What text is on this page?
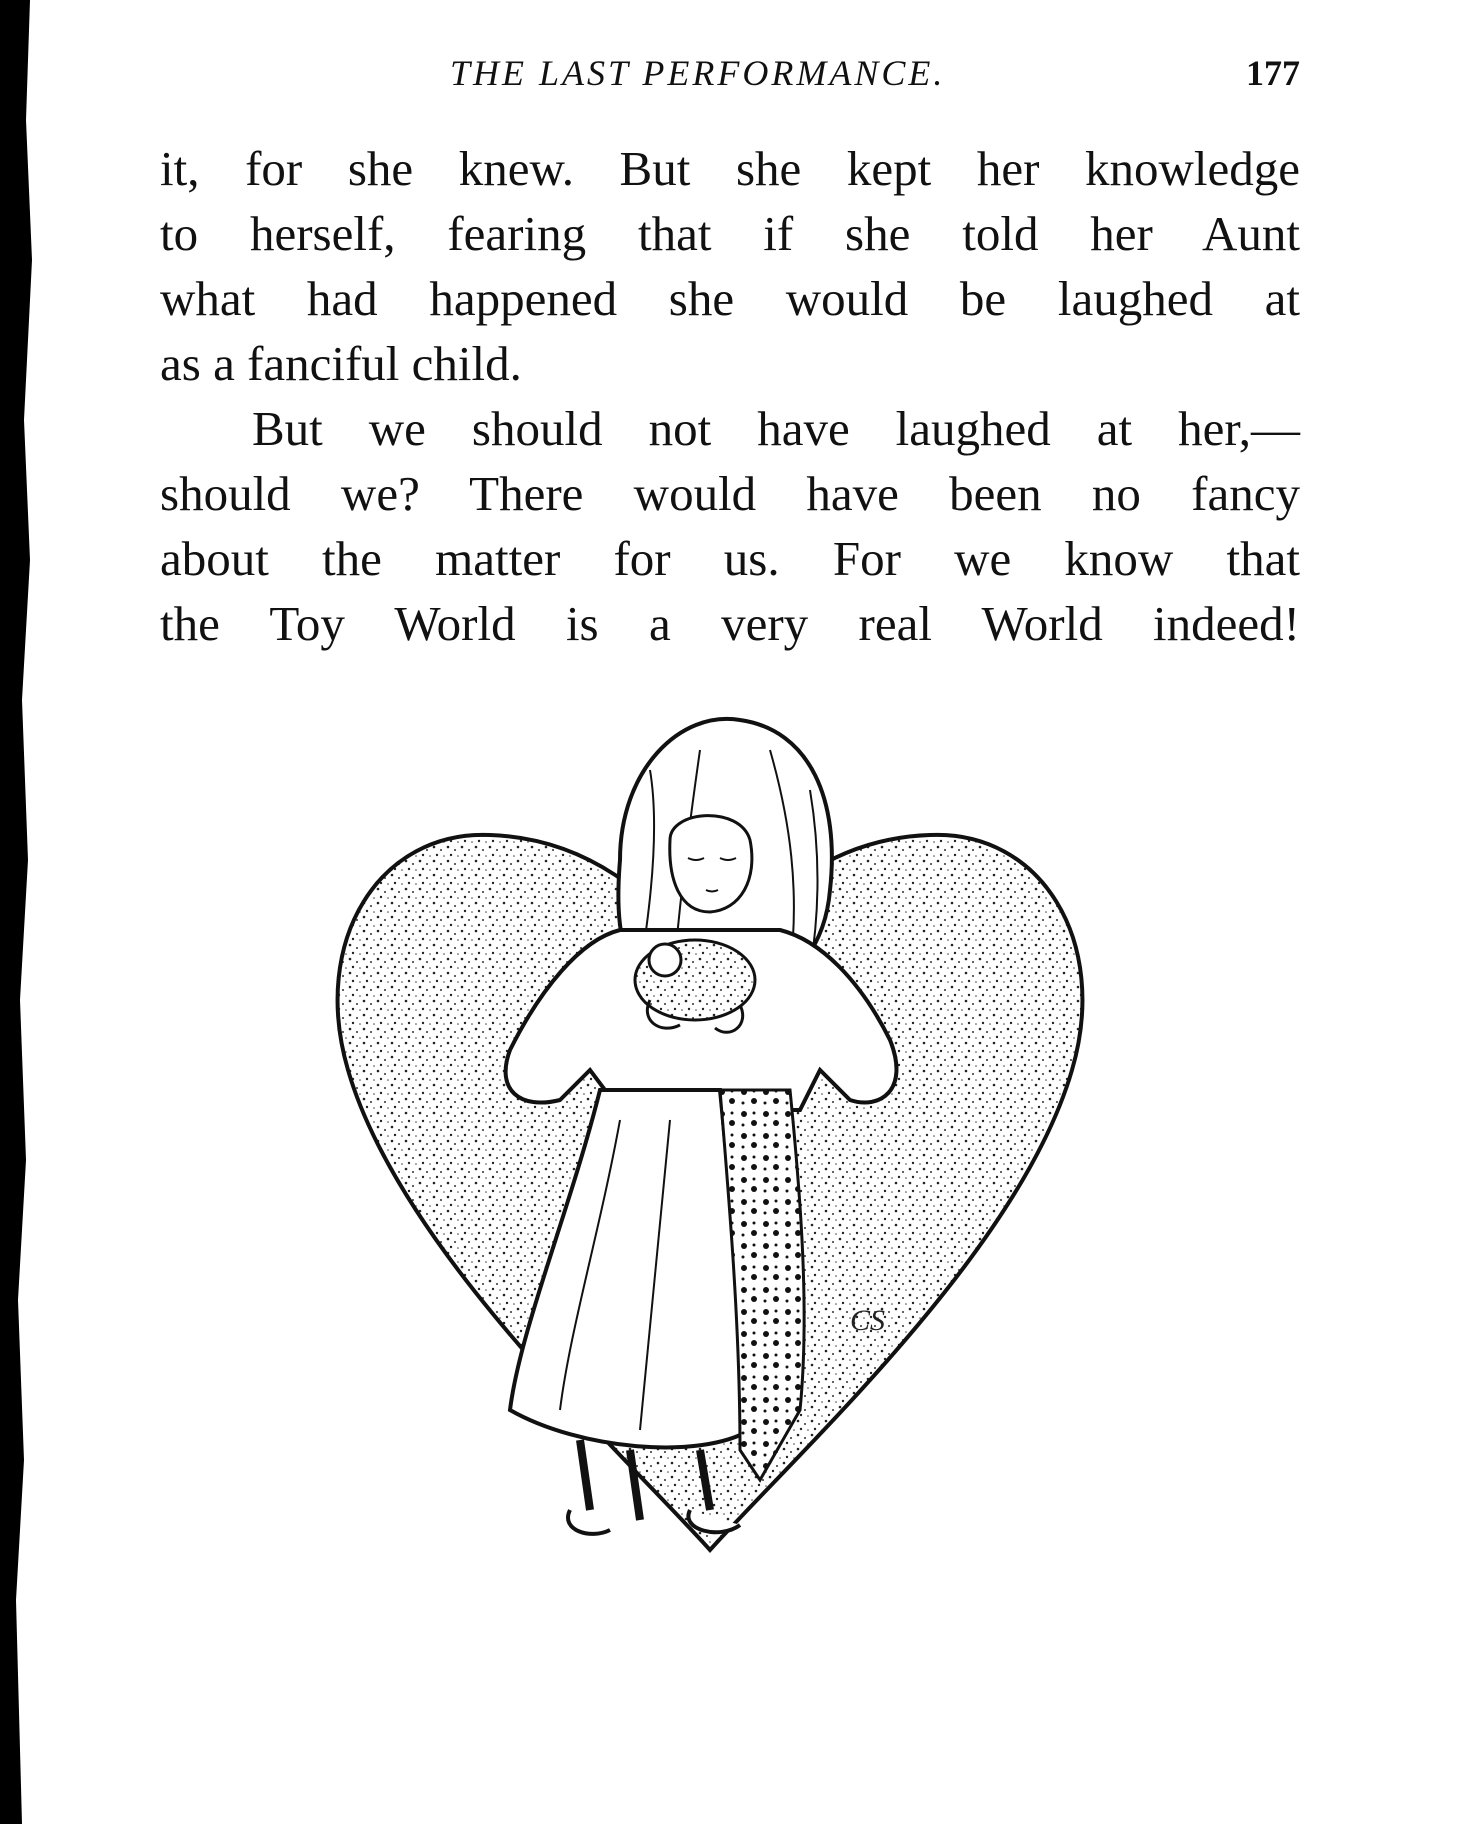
THE LAST PERFORMANCE.	177
it, for she knew. But she kept her knowledge
to herself, fearing that if she told her Aunt
what had happened she would be laughed at
as a fanciful child.
But we should not have laughed at her,—
should we? There would have been no fancy
about the matter for us. For we know that
the Toy World is a very real World indeed!
CS
